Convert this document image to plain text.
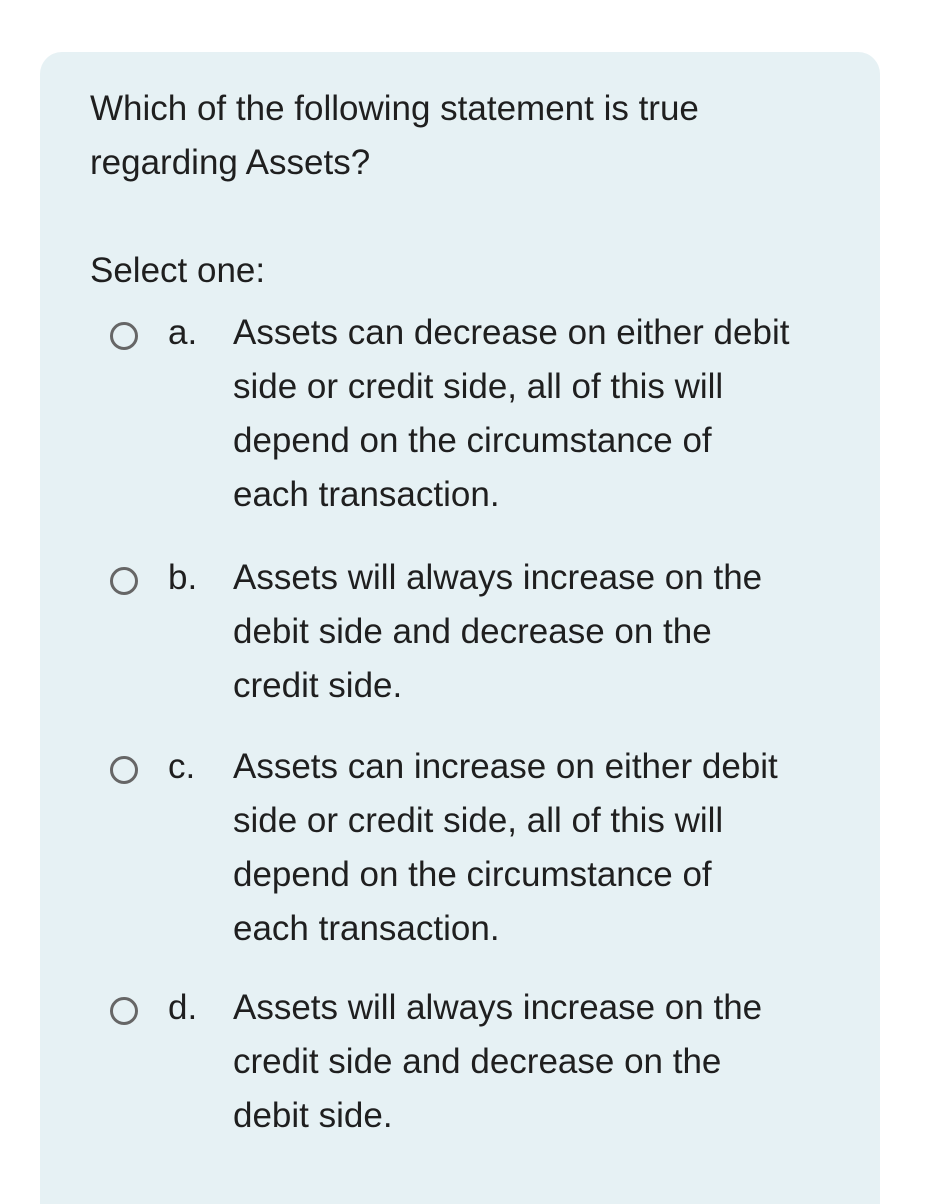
Which of the following statement is true
regarding Assets?
Select one:
a. Assets can decrease on either debit
side or credit side, all of this will
depend on the circumstance of
each transaction.
b. Assets will always increase on the
debit side and decrease on the
credit side.
c. Assets can increase on either debit
side or credit side, all of this will
depend on the circumstance of
each transaction.
d. Assets will always increase on the
credit side and decrease on the
debit side.
